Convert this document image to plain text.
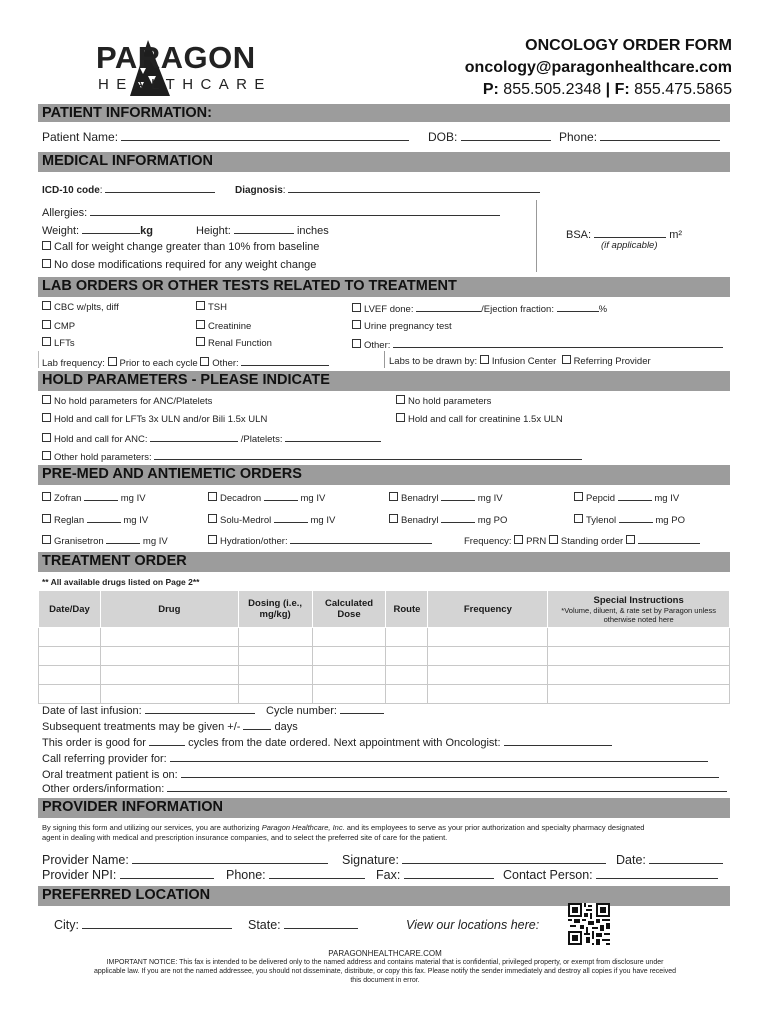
PARAGON
HEALTHCARE
ONCOLOGY ORDER FORM
oncology@paragonhealthcare.com
P: 855.505.2348 | F: 855.475.5865
PATIENT INFORMATION:
Patient Name:	DOB:	Phone:
MEDICAL INFORMATION
ICD-10 code:	Diagnosis:
Allergies:
Weight:	kg	Height:	inches
Call for weight change greater than 10% from baseline
No dose modifications required for any weight change
BSA:	m²
(if applicable)
LAB ORDERS OR OTHER TESTS RELATED TO TREATMENT
CBC w/plts, diff	TSH	LVEF done:	/Ejection fraction:	%
CMP	Creatinine	Urine pregnancy test
LFTs	Renal Function	Other:
Lab frequency: Prior to each cycle Other:	Labs to be drawn by: Infusion Center Referring Provider
HOLD PARAMETERS - PLEASE INDICATE
No hold parameters for ANC/Platelets	No hold parameters
Hold and call for LFTs 3x ULN and/or Bili 1.5x ULN	Hold and call for creatinine 1.5x ULN
Hold and call for ANC:	/Platelets:
Other hold parameters:
PRE-MED AND ANTIEMETIC ORDERS
Zofran	mg IV	Decadron	mg IV	Benadryl	mg IV	Pepcid	mg IV
Reglan	mg IV	Solu-Medrol	mg IV	Benadryl	mg PO	Tylenol	mg PO
Granisetron	mg IV	Hydration/other:	Frequency: PRN Standing order
TREATMENT ORDER
** All available drugs listed on Page 2**
Date/Day	Drug	Dosing (i.e., mg/kg)	Calculated Dose	Route	Frequency	Special Instructions
*Volume, diluent, & rate set by Paragon unless otherwise noted here

Date of last infusion:	Cycle number:
Subsequent treatments may be given +/-	days
This order is good for	cycles from the date ordered. Next appointment with Oncologist:
Call referring provider for:
Oral treatment patient is on:
Other orders/information:
PROVIDER INFORMATION
By signing this form and utilizing our services, you are authorizing Paragon Healthcare, Inc. and its employees to serve as your prior authorization and specialty pharmacy designated
agent in dealing with medical and prescription insurance companies, and to select the preferred site of care for the patient.
Provider Name:	Signature:	Date:
Provider NPI:	Phone:	Fax:	Contact Person:
PREFERRED LOCATION
City:	State:	View our locations here:
PARAGONHEALTHCARE.COM
IMPORTANT NOTICE: This fax is intended to be delivered only to the named address and contains material that is confidential, privileged property, or exempt from disclosure under
applicable law. If you are not the named addressee, you should not disseminate, distribute, or copy this fax. Please notify the sender immediately and destroy all copies if you have received
this document in error.
